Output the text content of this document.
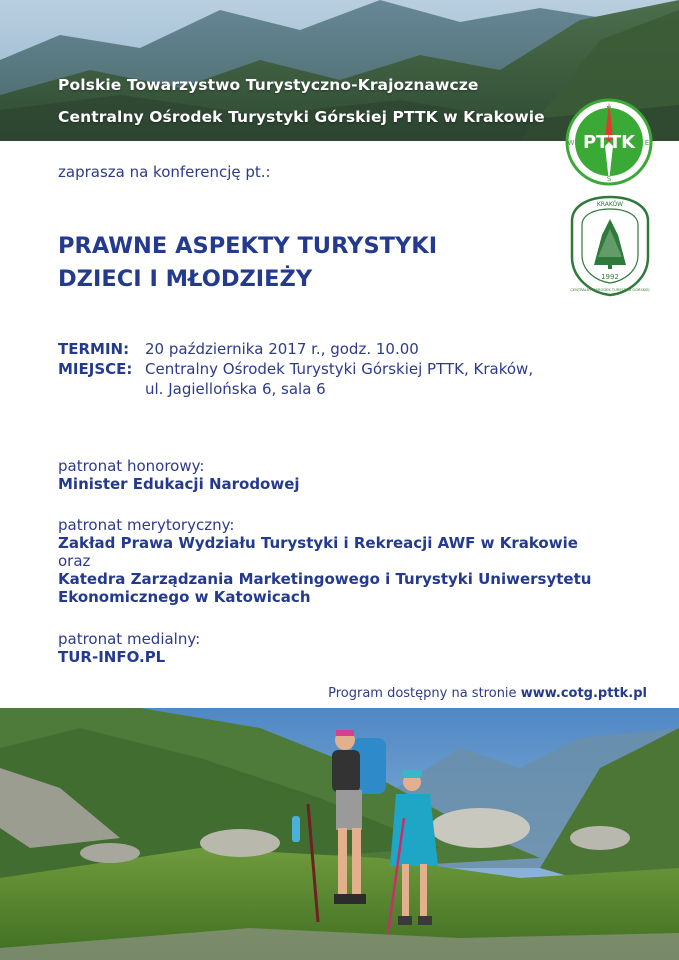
Polskie Towarzystwo Turystyczno-Krajoznawcze
Centralny Ośrodek Turystyki Górskiej PTTK w Krakowie
PTTK
N
S
E
W
KRAKÓW
1992
CENTRALNY OŚRODEK TURYSTYKI GÓRSKIEJ
zaprasza na konferencję pt.:
PRAWNE ASPEKTY TURYSTYKI
DZIECI I MŁODZIEŻY
TERMIN: 20 października 2017 r., godz. 10.00
MIEJSCE: Centralny Ośrodek Turystyki Górskiej PTTK, Kraków,
ul. Jagiellońska 6, sala 6
patronat honorowy:
Minister Edukacji Narodowej
patronat merytoryczny:
Zakład Prawa Wydziału Turystyki i Rekreacji AWF w Krakowie
oraz
Katedra Zarządzania Marketingowego i Turystyki Uniwersytetu
Ekonomicznego w Katowicach
patronat medialny:
TUR-INFO.PL
Program dostępny na stronie www.cotg.pttk.pl
